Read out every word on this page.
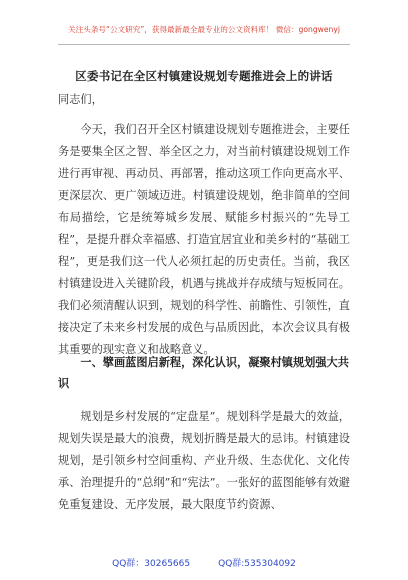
关注头条号“公文研究”，获得最新最全最专业的公文资料库！ 微信：gongwenyj
区委书记在全区村镇建设规划专题推进会上的讲话
同志们，
今天，我们召开全区村镇建设规划专题推进会，主要任务是要集全区之智、举全区之力，对当前村镇建设规划工作进行再审视、再动员、再部署，推动这项工作向更高水平、更深层次、更广领域迈进。村镇建设规划，绝非简单的空间布局描绘，它是统筹城乡发展、赋能乡村振兴的“先导工程”，是提升群众幸福感、打造宜居宜业和美乡村的“基础工程”，更是我们这一代人必须扛起的历史责任。当前，我区村镇建设进入关键阶段，机遇与挑战并存成绩与短板同在。我们必须清醒认识到，规划的科学性、前瞻性、引领性，直接决定了未来乡村发展的成色与品质因此，本次会议具有极其重要的现实意义和战略意义。
一、擘画蓝图启新程，深化认识，凝聚村镇规划强大共识
规划是乡村发展的“定盘星”。规划科学是最大的效益，规划失误是最大的浪费，规划折腾是最大的忌讳。村镇建设规划，是引领乡村空间重构、产业升级、生态优化、文化传承、治理提升的“总纲”和“宪法”。一张好的蓝图能够有效避免重复建设、无序发展，最大限度节约资源、
QQ群：30265665	QQ群:535304092
